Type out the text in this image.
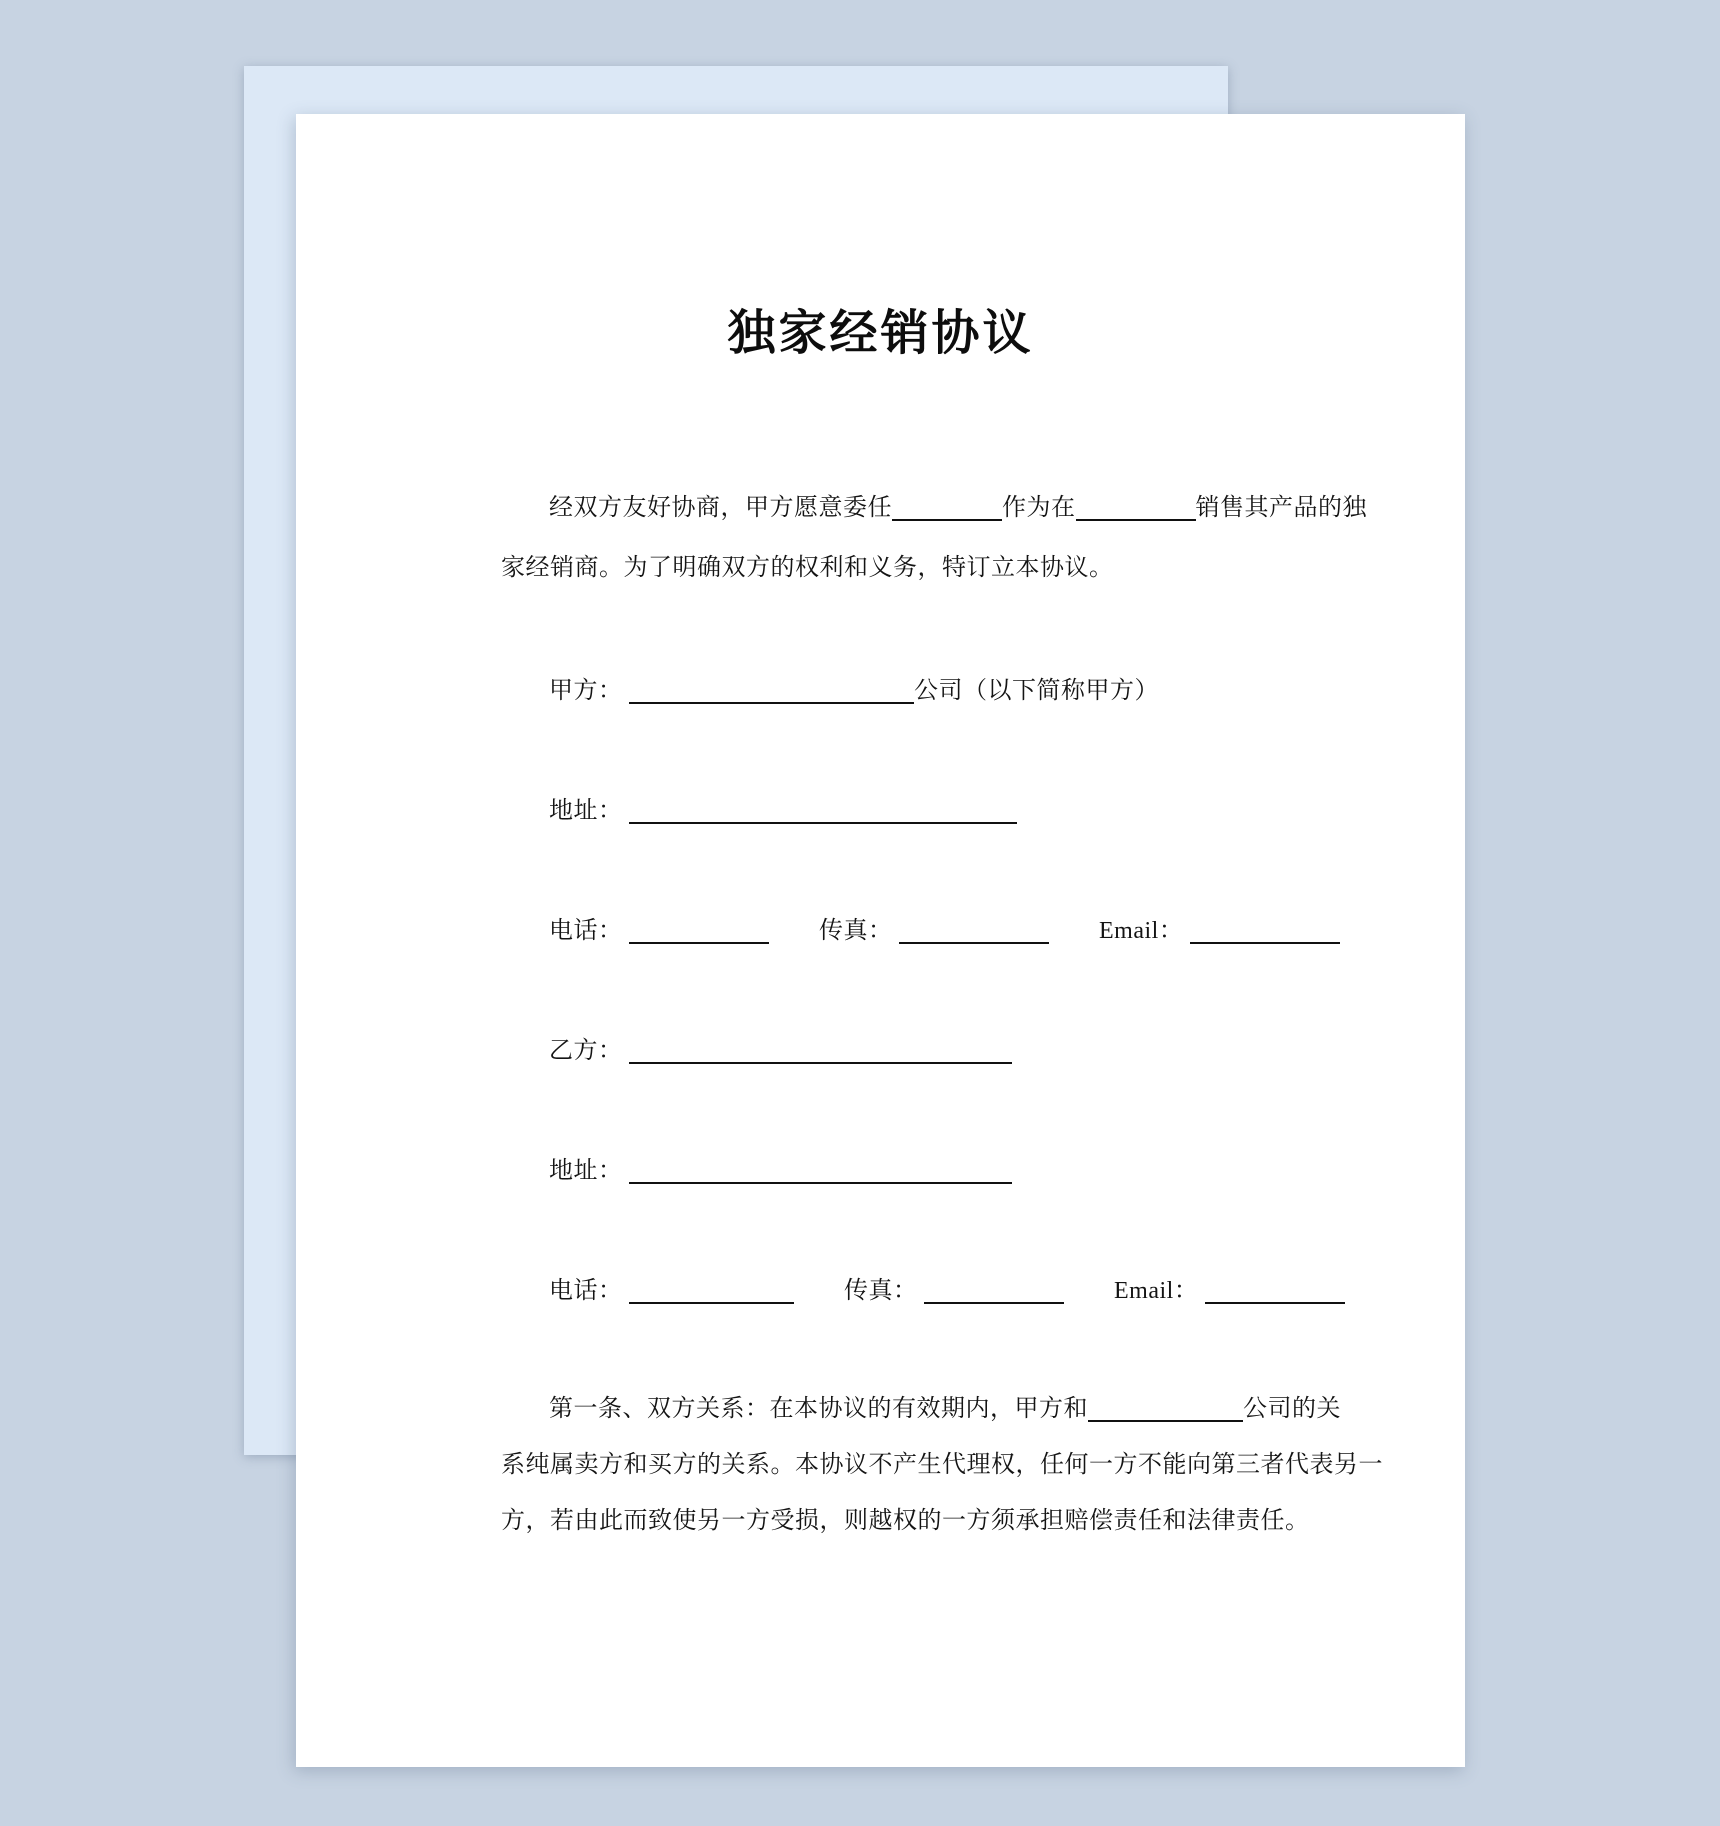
独家经销协议

经双方友好协商，甲方愿意委任	作为在	销售其产品的独
家经销商。为了明确双方的权利和义务，特订立本协议。

甲方：	公司（以下简称甲方）
地址：
电话：	传真：	Email：
乙方：
地址：
电话：	传真：	Email：

第一条、双方关系：在本协议的有效期内，甲方和	公司的关
系纯属卖方和买方的关系。本协议不产生代理权，任何一方不能向第三者代表另一
方，若由此而致使另一方受损，则越权的一方须承担赔偿责任和法律责任。
